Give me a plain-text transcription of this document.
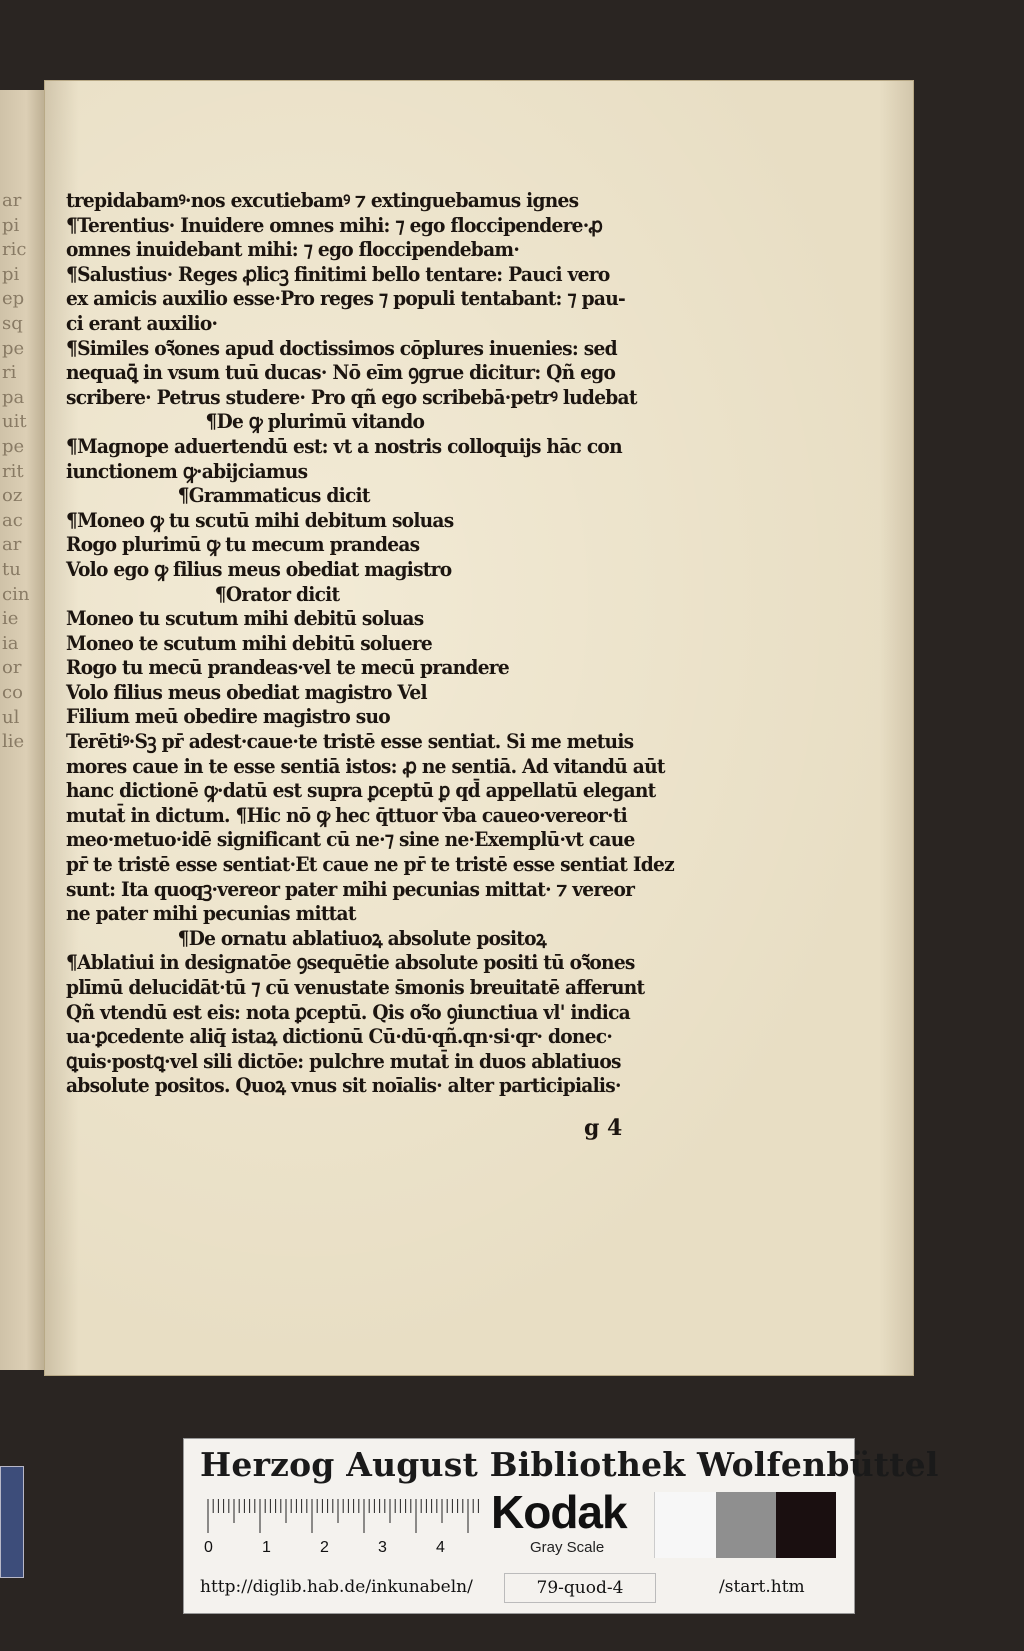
ar
pi
ric
pi
ep
sq
pe
ri
pa
uit
pe
rit
oz
ac
ar
tu
cin
ie
ia
or
co
ul
lie
trepidabamꝰ·nos excutiebamꝰ ⁊ extinguebamus ignes
¶Terentius· Inuidere omnes mihi: ⁊ ego floccipendere·ꝓ
omnes inuidebant mihi: ⁊ ego floccipendebam·
¶Salustius· Reges ꝓlicꝫ finitimi bello tentare: Pauci vero
ex amicis auxilio esse·Pro reges ⁊ populi tentabant: ⁊ pau-
ci erant auxilio·
¶Similes oꝛ̃ones apud doctissimos cōplures inuenies: sed
nequaꝗ̄ in vsum tuū ducas· Nō eīm ꝯgrue dicitur: Qñ ego
scribere· Petrus studere· Pro qñ ego scribebā·petrꝰ ludebat
¶De ꝙ plurimū vitando
¶Magnope aduertendū est: vt a nostris colloquijs hāc con
iunctionem ꝙ·abijciamus
¶Grammaticus dicit
¶Moneo ꝙ tu scutū mihi debitum soluas
Rogo plurimū ꝙ tu mecum prandeas
Volo ego ꝙ filius meus obediat magistro
¶Orator dicit
Moneo tu scutum mihi debitū soluas
Moneo te scutum mihi debitū soluere
Rogo tu mecū prandeas·vel te mecū prandere
Volo filius meus obediat magistro Vel
Filium meū obedire magistro suo
Terētiꝰ·Sꝫ pr̄ adest·caue·te tristē esse sentiat. Si me metuis
mores caue in te esse sentiā istos: ꝓ ne sentiā. Ad vitandū aūt
hanc dictionē ꝙ·datū est supra ꝑceptū ꝑ qd̄ appellatū elegant
mutat̄ in dictum. ¶Hic nō ꝙ hec q̄ttuor v̄ba caueo·vereor·ti
meo·metuo·idē significant cū ne·⁊ sine ne·Exemplū·vt caue
pr̄ te tristē esse sentiat·Et caue ne pr̄ te tristē esse sentiat Idez
sunt: Ita quoqꝫ·vereor pater mihi pecunias mittat· ⁊ vereor
ne pater mihi pecunias mittat
¶De ornatu ablatiuoꝝ absolute positoꝝ
¶Ablatiui in designatōe ꝯsequētie absolute positi tū oꝛ̃ones
plīmū delucidāt·tū ⁊ cū venustate s̄monis breuitatē afferunt
Qñ vtendū est eis: nota ꝑceptū. Qis oꝛ̃o ꝯiunctiua vl' indica
ua·ꝑcedente aliq̄ istaꝝ dictionū Cū·dū·qñ.qn·si·qr· donec·
ꝗuis·postꝗ·vel sili dictōe: pulchre mutat̄ in duos ablatiuos
absolute positos. Quoꝝ vnus sit noīalis· alter participialis·
g 4
Herzog August Bibliothek Wolfenbüttel
0	1	2	3	4
Kodak
Gray Scale
http://diglib.hab.de/inkunabeln/	79-quod-4	/start.htm
